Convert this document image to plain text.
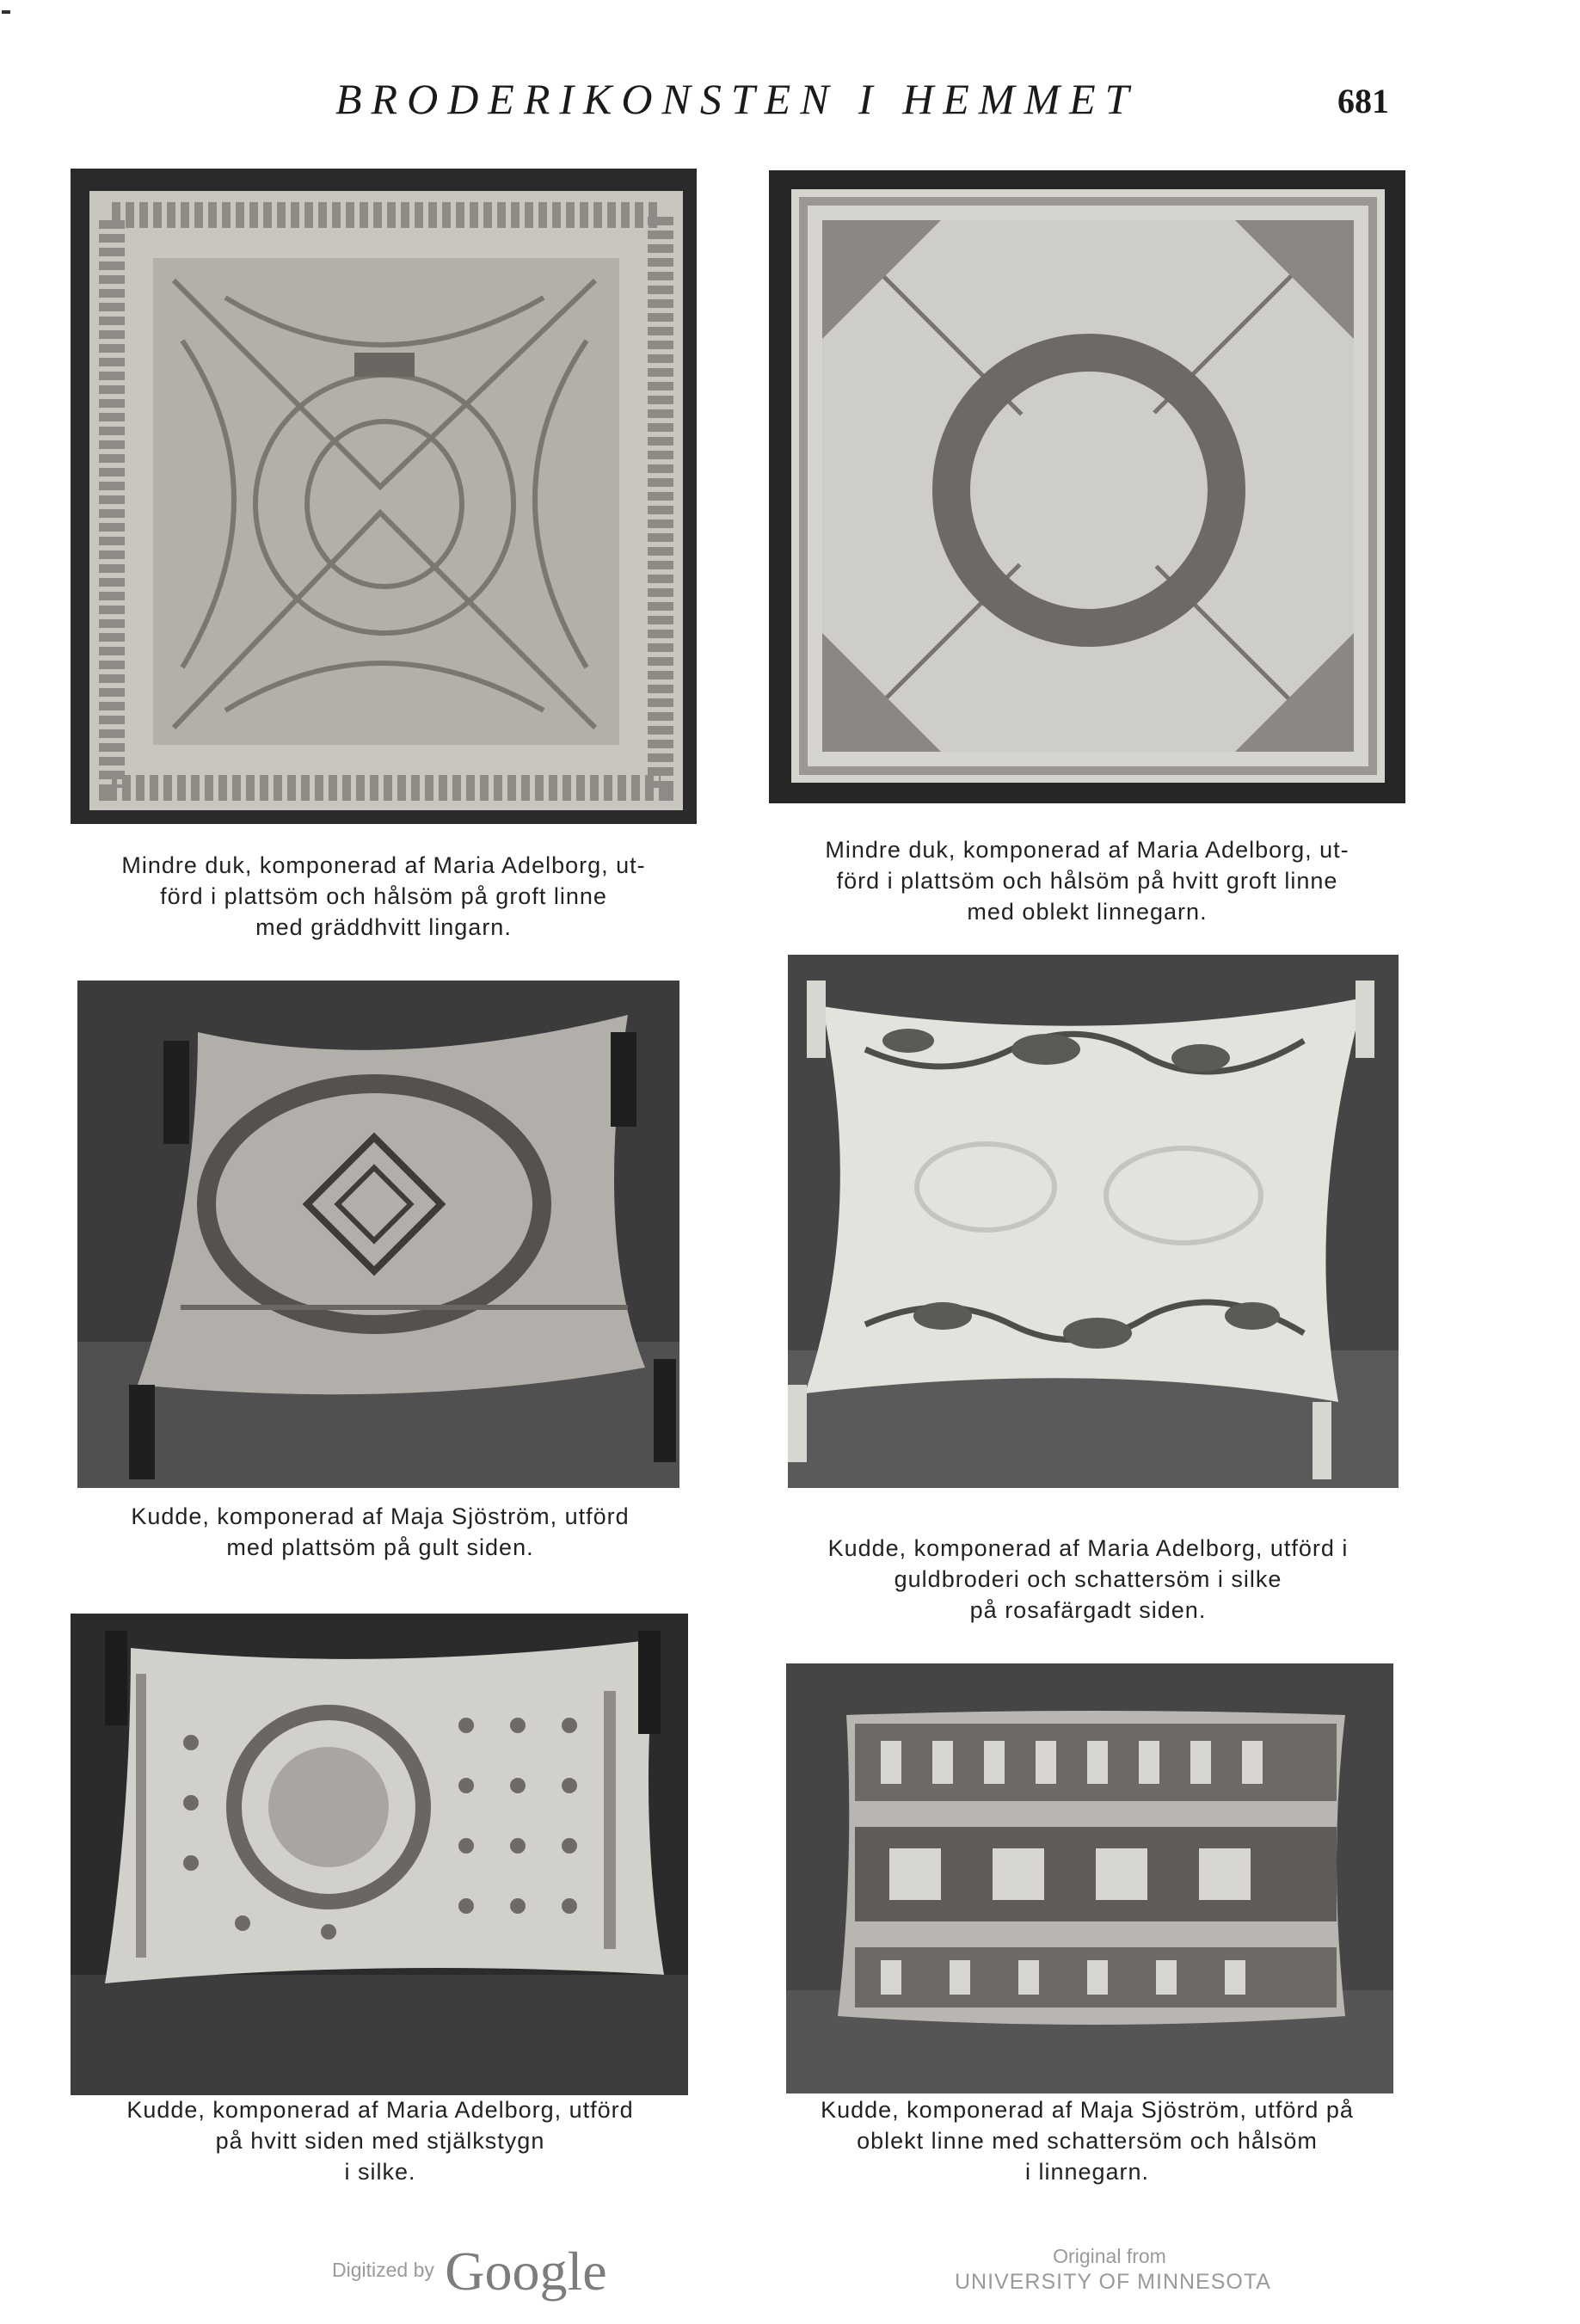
BRODERIKONSTEN I HEMMET	681
Mindre duk, komponerad af Maria Adelborg, ut-
förd i plattsöm och hålsöm på groft linne
med gräddhvitt lingarn.
Mindre duk, komponerad af Maria Adelborg, ut-
förd i plattsöm och hålsöm på hvitt groft linne
med oblekt linnegarn.
Kudde, komponerad af Maja Sjöström, utförd
med plattsöm på gult siden.	Kudde, komponerad af Maria Adelborg, utförd i
guldbroderi och schattersöm i silke
på rosafärgadt siden.
Kudde, komponerad af Maria Adelborg, utförd
på hvitt siden med stjälkstygn
i silke.
Kudde, komponerad af Maja Sjöström, utförd på
oblekt linne med schattersöm och hålsöm
i linnegarn.
Digitized by Google	Original from
UNIVERSITY OF MINNESOTA
